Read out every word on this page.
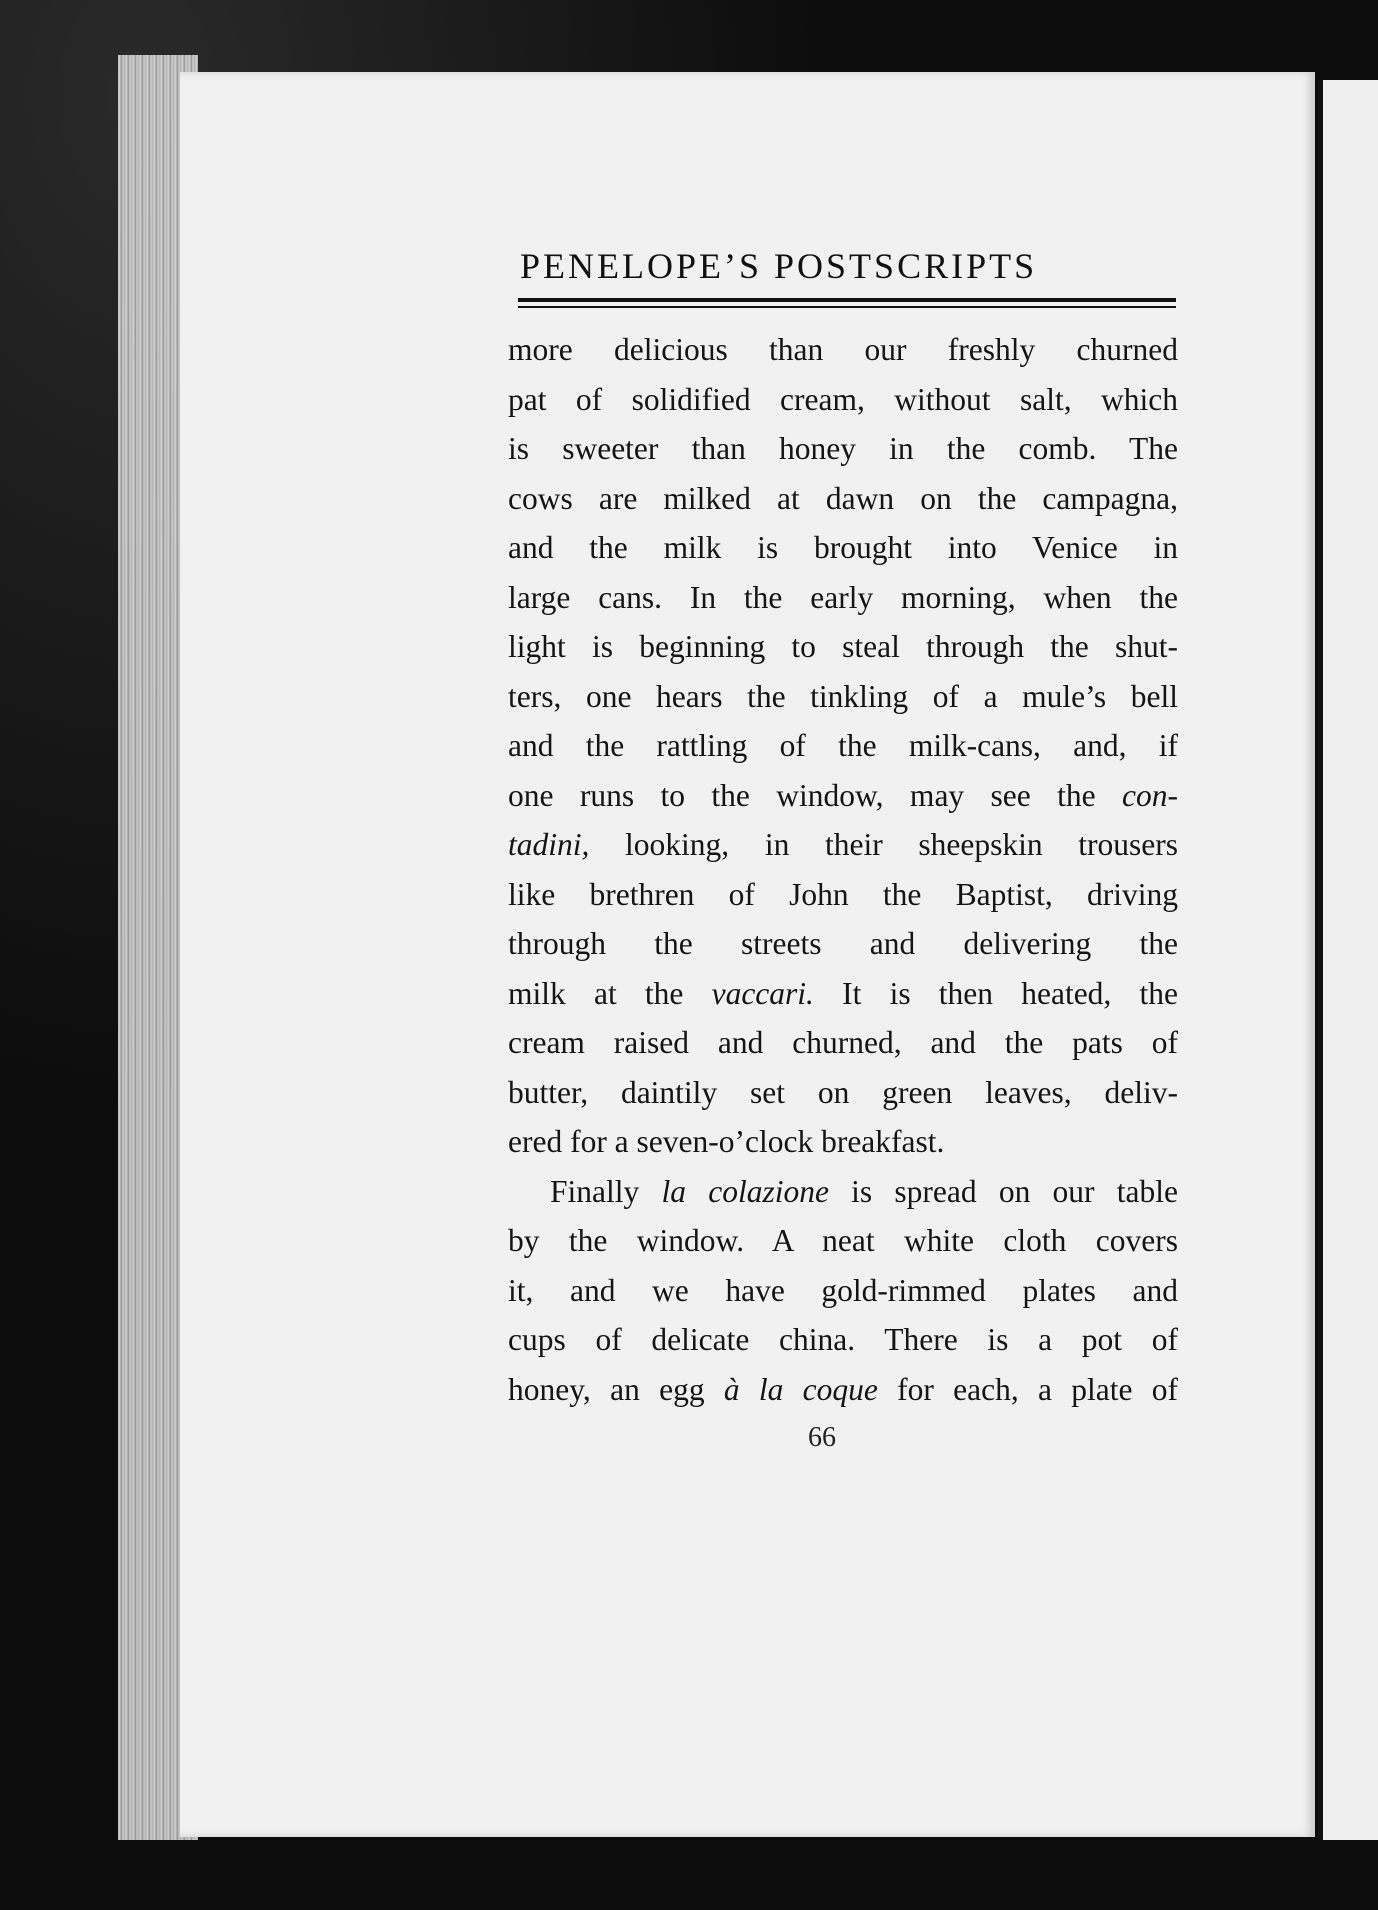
PENELOPE’S POSTSCRIPTS
more delicious than our freshly churned
pat of solidified cream, without salt, which
is sweeter than honey in the comb. The
cows are milked at dawn on the campagna,
and the milk is brought into Venice in
large cans. In the early morning, when the
light is beginning to steal through the shut-
ters, one hears the tinkling of a mule’s bell
and the rattling of the milk-cans, and, if
one runs to the window, may see the con-
tadini, looking, in their sheepskin trousers
like brethren of John the Baptist, driving
through the streets and delivering the
milk at the vaccari. It is then heated, the
cream raised and churned, and the pats of
butter, daintily set on green leaves, deliv-
ered for a seven-o’clock breakfast.
Finally la colazione is spread on our table
by the window. A neat white cloth covers
it, and we have gold-rimmed plates and
cups of delicate china. There is a pot of
honey, an egg à la coque for each, a plate of
66
